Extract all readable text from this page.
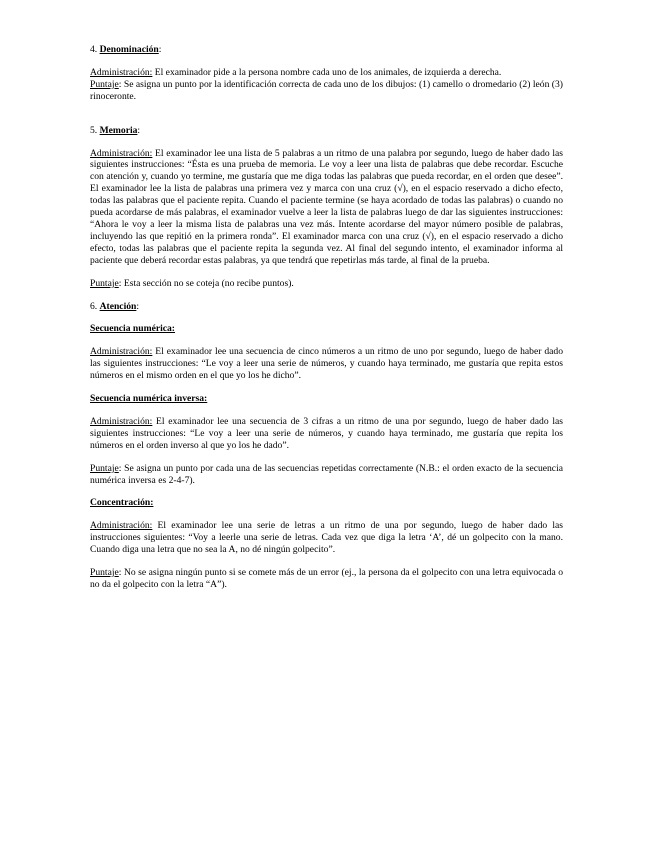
4. Denominación:

Administración: El examinador pide a la persona nombre cada uno de los animales, de izquierda a derecha.

Puntaje: Se asigna un punto por la identificación correcta de cada uno de los dibujos: (1) camello o dromedario (2) león (3) rinoceronte.

5. Memoria:

Administración: El examinador lee una lista de 5 palabras a un ritmo de una palabra por segundo, luego de haber dado las siguientes instrucciones: “Ésta es una prueba de memoria. Le voy a leer una lista de palabras que debe recordar. Escuche con atención y, cuando yo termine, me gustaría que me diga todas las palabras que pueda recordar, en el orden que desee”. El examinador lee la lista de palabras una primera vez y marca con una cruz (√), en el espacio reservado a dicho efecto, todas las palabras que el paciente repita. Cuando el paciente termine (se haya acordado de todas las palabras) o cuando no pueda acordarse de más palabras, el examinador vuelve a leer la lista de palabras luego de dar las siguientes instrucciones: “Ahora le voy a leer la misma lista de palabras una vez más. Intente acordarse del mayor número posible de palabras, incluyendo las que repitió en la primera ronda”. El examinador marca con una cruz (√), en el espacio reservado a dicho efecto, todas las palabras que el paciente repita la segunda vez. Al final del segundo intento, el examinador informa al paciente que deberá recordar estas palabras, ya que tendrá que repetirlas más tarde, al final de la prueba.

Puntaje: Esta sección no se coteja (no recibe puntos).

6. Atención:

Secuencia numérica:

Administración: El examinador lee una secuencia de cinco números a un ritmo de uno por segundo, luego de haber dado las siguientes instrucciones: “Le voy a leer una serie de números, y cuando haya terminado, me gustaría que repita estos números en el mismo orden en el que yo los he dicho”.

Secuencia numérica inversa:

Administración: El examinador lee una secuencia de 3 cifras a un ritmo de una por segundo, luego de haber dado las siguientes instrucciones: “Le voy a leer una serie de números, y cuando haya terminado, me gustaría que repita los números en el orden inverso al que yo los he dado”.

Puntaje: Se asigna un punto por cada una de las secuencias repetidas correctamente (N.B.: el orden exacto de la secuencia numérica inversa es 2-4-7).

Concentración:

Administración: El examinador lee una serie de letras a un ritmo de una por segundo, luego de haber dado las instrucciones siguientes: “Voy a leerle una serie de letras. Cada vez que diga la letra ‘A’, dé un golpecito con la mano. Cuando diga una letra que no sea la A, no dé ningún golpecito”.

Puntaje: No se asigna ningún punto si se comete más de un error (ej., la persona da el golpecito con una letra equivocada o no da el golpecito con la letra “A”).
